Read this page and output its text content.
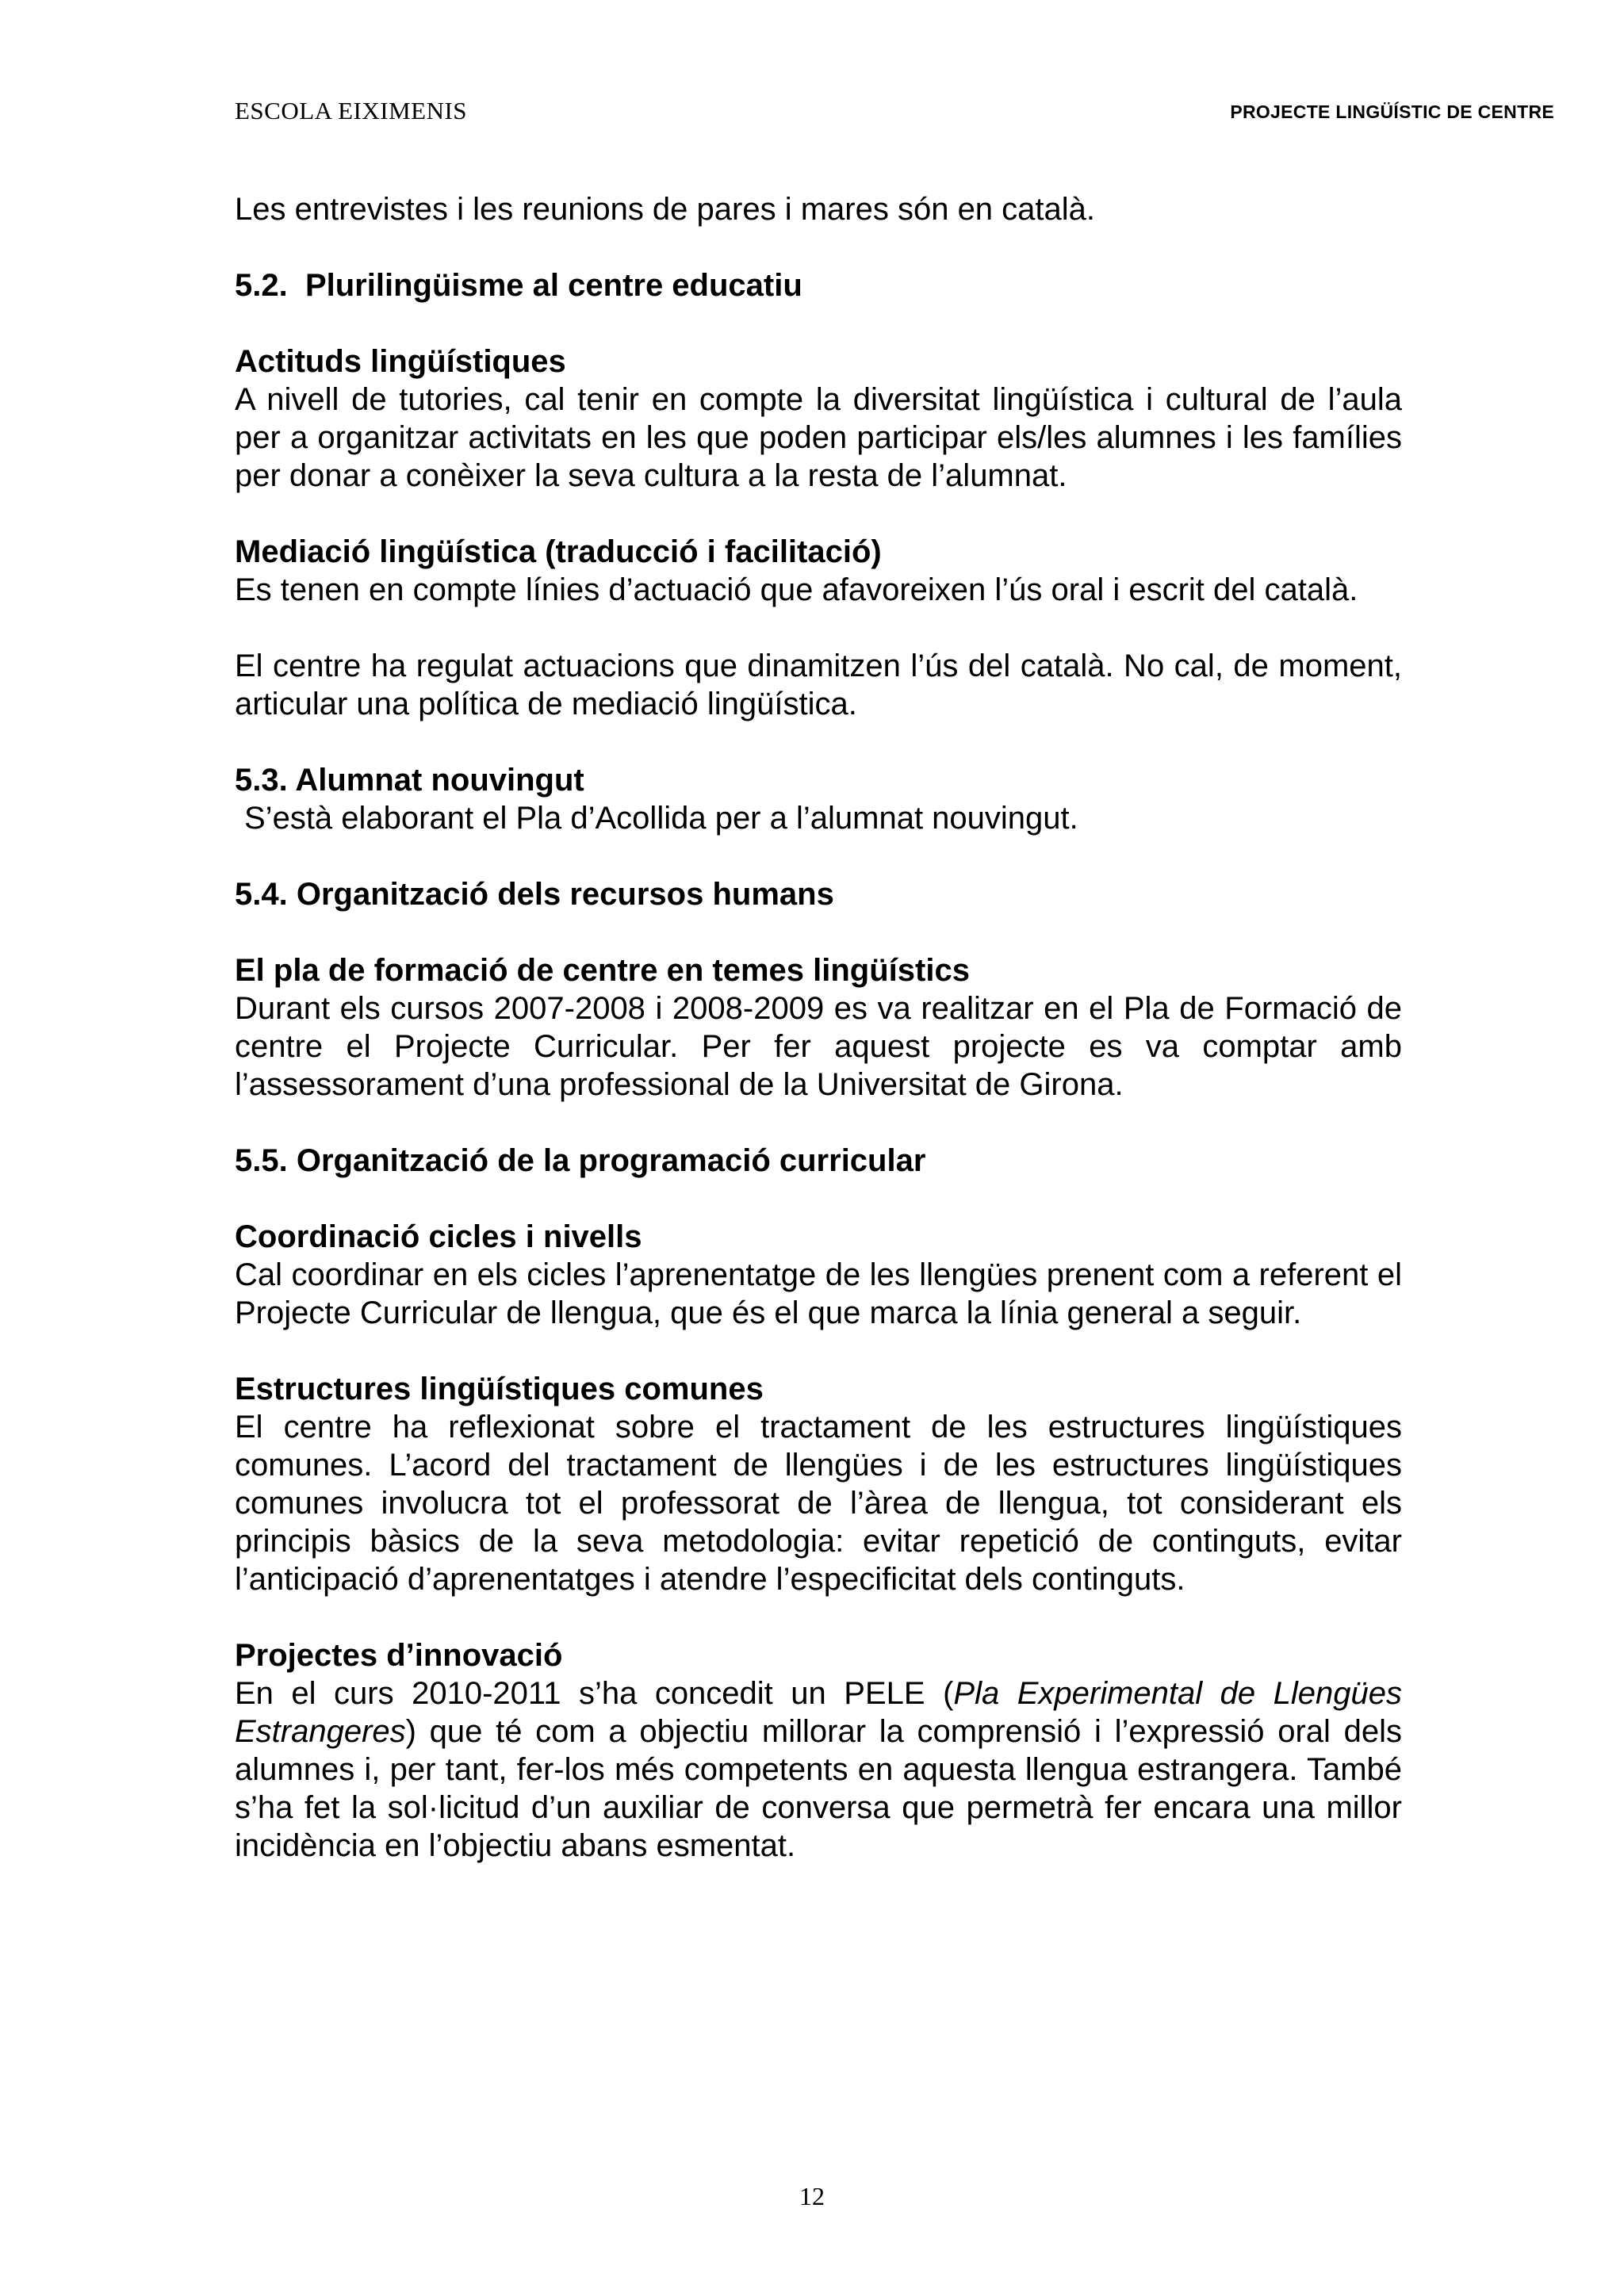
ESCOLA EIXIMENIS	PROJECTE LINGÜÍSTIC DE CENTRE

Les entrevistes i les reunions de pares i mares són en català.

5.2.  Plurilingüisme al centre educatiu

Actituds lingüístiques

A nivell de tutories, cal tenir en compte la diversitat lingüística i cultural de l’aula per a organitzar activitats en les que poden participar els/les alumnes i les famílies per donar a conèixer la seva cultura a la resta de l’alumnat.

Mediació lingüística (traducció i facilitació)

Es tenen en compte línies d’actuació que afavoreixen l’ús oral i escrit del català.

El centre ha regulat actuacions que dinamitzen l’ús del català. No cal, de moment, articular una política de mediació lingüística.

5.3. Alumnat nouvingut

S’està elaborant el Pla d’Acollida per a l’alumnat nouvingut.

5.4. Organització dels recursos humans

El pla de formació de centre en temes lingüístics

Durant els cursos 2007-2008 i 2008-2009 es va realitzar en el Pla de Formació de centre el Projecte Curricular. Per fer aquest projecte es va comptar amb l’assessorament d’una professional de la Universitat de Girona.

5.5. Organització de la programació curricular

Coordinació cicles i nivells

Cal coordinar en els cicles l’aprenentatge de les llengües prenent com a referent el Projecte Curricular de llengua, que és el que marca la línia general a seguir.

Estructures lingüístiques comunes

El centre ha reflexionat sobre el tractament de les estructures lingüístiques comunes. L’acord del tractament de llengües i de les estructures lingüístiques comunes involucra tot el professorat de l’àrea de llengua, tot considerant els principis bàsics de la seva metodologia: evitar repetició de continguts, evitar l’anticipació d’aprenentatges i atendre l’especificitat dels continguts.

Projectes d’innovació

En el curs 2010-2011 s’ha concedit un PELE (Pla Experimental de Llengües Estrangeres) que té com a objectiu millorar la comprensió i l’expressió oral dels alumnes i, per tant, fer-los més competents en aquesta llengua estrangera. També s’ha fet la sol·licitud d’un auxiliar de conversa que permetrà fer encara una millor incidència en l’objectiu abans esmentat.

12
